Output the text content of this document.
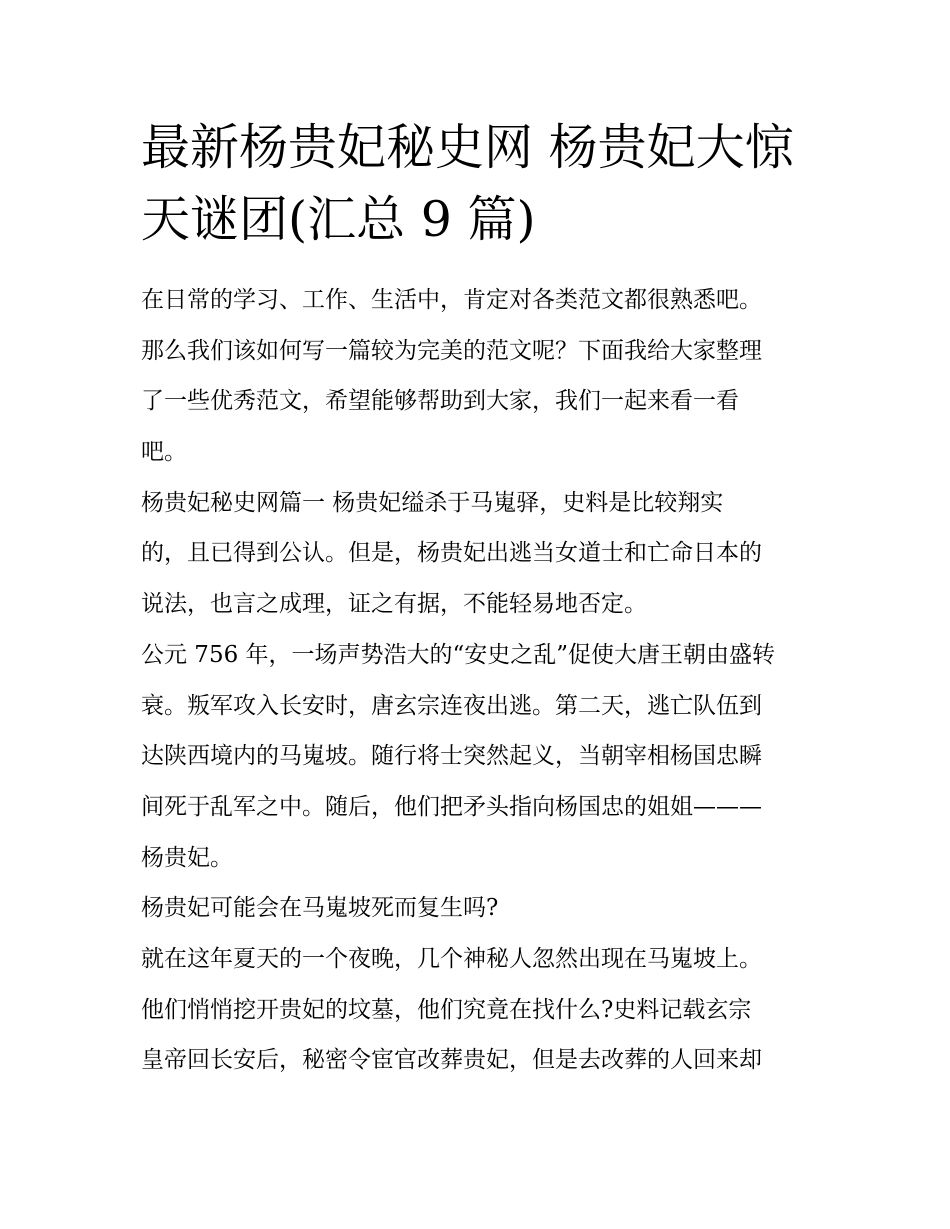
最新杨贵妃秘史网 杨贵妃大惊
天谜团(汇总 9 篇)
在日常的学习、工作、生活中，肯定对各类范文都很熟悉吧。
那么我们该如何写一篇较为完美的范文呢？下面我给大家整理
了一些优秀范文，希望能够帮助到大家，我们一起来看一看
吧。
杨贵妃秘史网篇一 杨贵妃缢杀于马嵬驿，史料是比较翔实
的，且已得到公认。但是，杨贵妃出逃当女道士和亡命日本的
说法，也言之成理，证之有据，不能轻易地否定。
公元 756 年，一场声势浩大的“安史之乱”促使大唐王朝由盛转
衰。叛军攻入长安时，唐玄宗连夜出逃。第二天，逃亡队伍到
达陕西境内的马嵬坡。随行将士突然起义，当朝宰相杨国忠瞬
间死于乱军之中。随后，他们把矛头指向杨国忠的姐姐———
杨贵妃。
杨贵妃可能会在马嵬坡死而复生吗?
就在这年夏天的一个夜晚，几个神秘人忽然出现在马嵬坡上。
他们悄悄挖开贵妃的坟墓，他们究竟在找什么?史料记载玄宗
皇帝回长安后，秘密令宦官改葬贵妃，但是去改葬的人回来却
